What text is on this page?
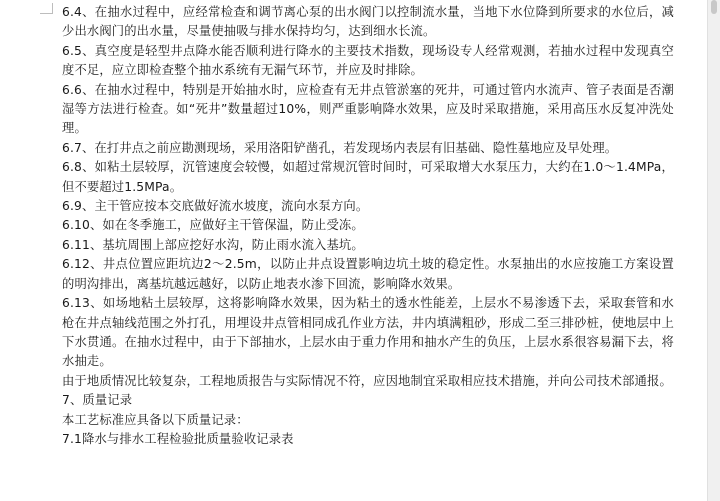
6.4、在抽水过程中，应经常检查和调节离心泵的出水阀门以控制流水量，当地下水位降到所要求的水位后，减少出水阀门的出水量，尽量使抽吸与排水保持均匀，达到细水长流。

6.5、真空度是轻型井点降水能否顺利进行降水的主要技术指数，现场设专人经常观测，若抽水过程中发现真空度不足，应立即检查整个抽水系统有无漏气环节，并应及时排除。

6.6、在抽水过程中，特别是开始抽水时，应检查有无井点管淤塞的死井，可通过管内水流声、管子表面是否潮湿等方法进行检查。如“死井”数量超过10%，则严重影响降水效果，应及时采取措施，采用高压水反复冲洗处理。

6.7、在打井点之前应勘测现场，采用洛阳铲凿孔，若发现场内表层有旧基础、隐性墓地应及早处理。

6.8、如粘土层较厚，沉管速度会较慢，如超过常规沉管时间时，可采取增大水泵压力，大约在1.0～1.4MPa，但不要超过1.5MPa。

6.9、主干管应按本交底做好流水坡度，流向水泵方向。

6.10、如在冬季施工，应做好主干管保温，防止受冻。

6.11、基坑周围上部应挖好水沟，防止雨水流入基坑。

6.12、井点位置应距坑边2～2.5m，以防止井点设置影响边坑土坡的稳定性。水泵抽出的水应按施工方案设置的明沟排出，离基坑越远越好，以防止地表水渗下回流，影响降水效果。

6.13、如场地粘土层较厚，这将影响降水效果，因为粘土的透水性能差，上层水不易渗透下去，采取套管和水枪在井点轴线范围之外打孔，用埋设井点管相同成孔作业方法，井内填满粗砂，形成二至三排砂桩，使地层中上下水贯通。在抽水过程中，由于下部抽水，上层水由于重力作用和抽水产生的负压，上层水系很容易漏下去，将水抽走。

由于地质情况比较复杂，工程地质报告与实际情况不符，应因地制宜采取相应技术措施，并向公司技术部通报。

7、质量记录

本工艺标准应具备以下质量记录：

7.1降水与排水工程检验批质量验收记录表
